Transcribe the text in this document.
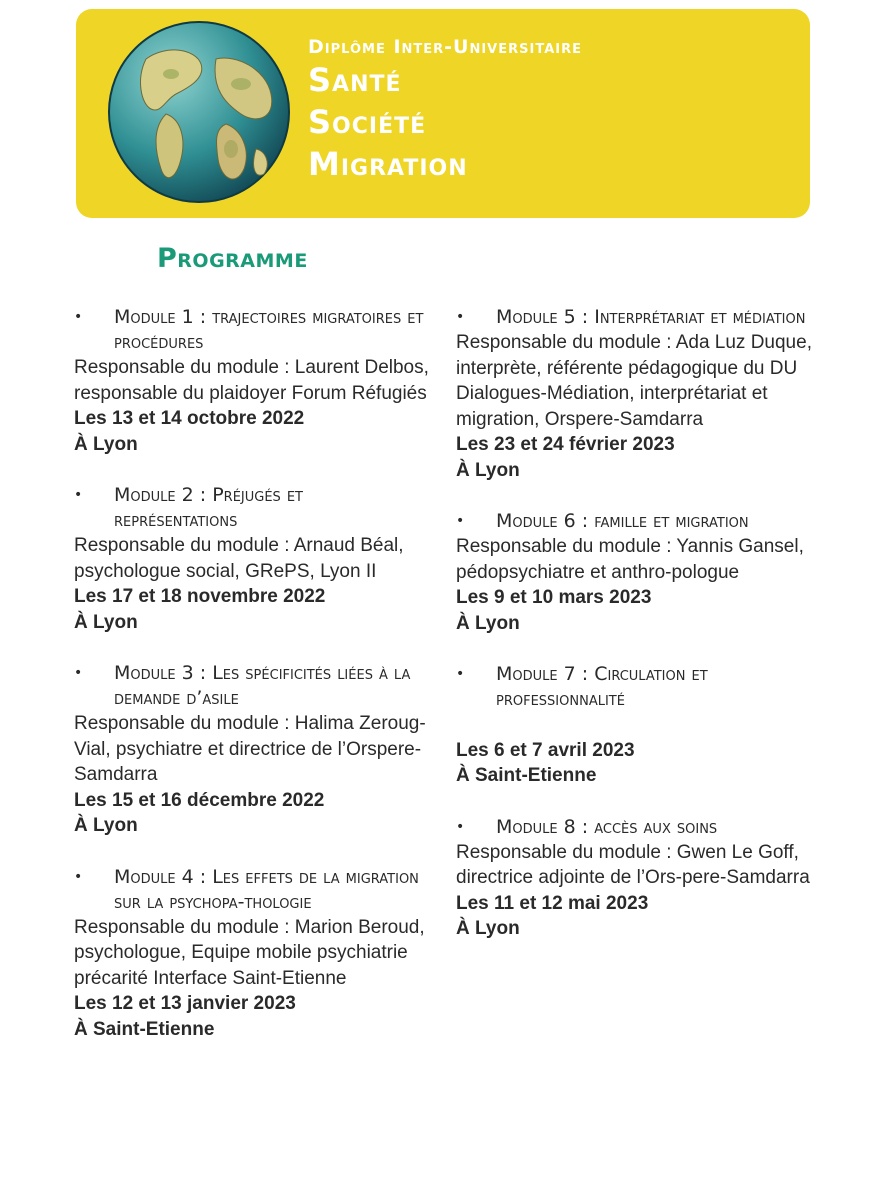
Diplôme Inter-Universitaire
Santé
Société
Migration
Programme
• Module 1 : trajectoires migratoires et procédures
Responsable du module : Laurent Delbos, responsable du plaidoyer Forum Réfugiés
Les 13 et 14 octobre 2022
À Lyon
• Module 2 : Préjugés et représentations
Responsable du module : Arnaud Béal, psychologue social, GRePS, Lyon II
Les 17 et 18 novembre 2022
À Lyon
• Module 3 : Les spécificités liées à la demande d’asile
Responsable du module : Halima Zeroug-Vial, psychiatre et directrice de l’Orspere-Samdarra
Les 15 et 16 décembre 2022
À Lyon
• Module 4 : Les effets de la migration sur la psychopa-thologie
Responsable du module : Marion Beroud, psychologue, Equipe mobile psychiatrie précarité Interface Saint-Etienne
Les 12 et 13 janvier 2023
À Saint-Etienne
• Module 5 : Interprétariat et médiation
Responsable du module : Ada Luz Duque, interprète, référente pédagogique du DU Dialogues-Médiation, interprétariat et migration, Orspere-Samdarra
Les 23 et 24 février 2023
À Lyon
• Module 6 : famille et migration
Responsable du module : Yannis Gansel, pédopsychiatre et anthro-pologue
Les 9 et 10 mars 2023
À Lyon
• Module 7 : Circulation et professionnalité
Les 6 et 7 avril 2023
À Saint-Etienne
• Module 8 : accès aux soins
Responsable du module : Gwen Le Goff, directrice adjointe de l’Ors-pere-Samdarra
Les 11 et 12 mai 2023
À Lyon
